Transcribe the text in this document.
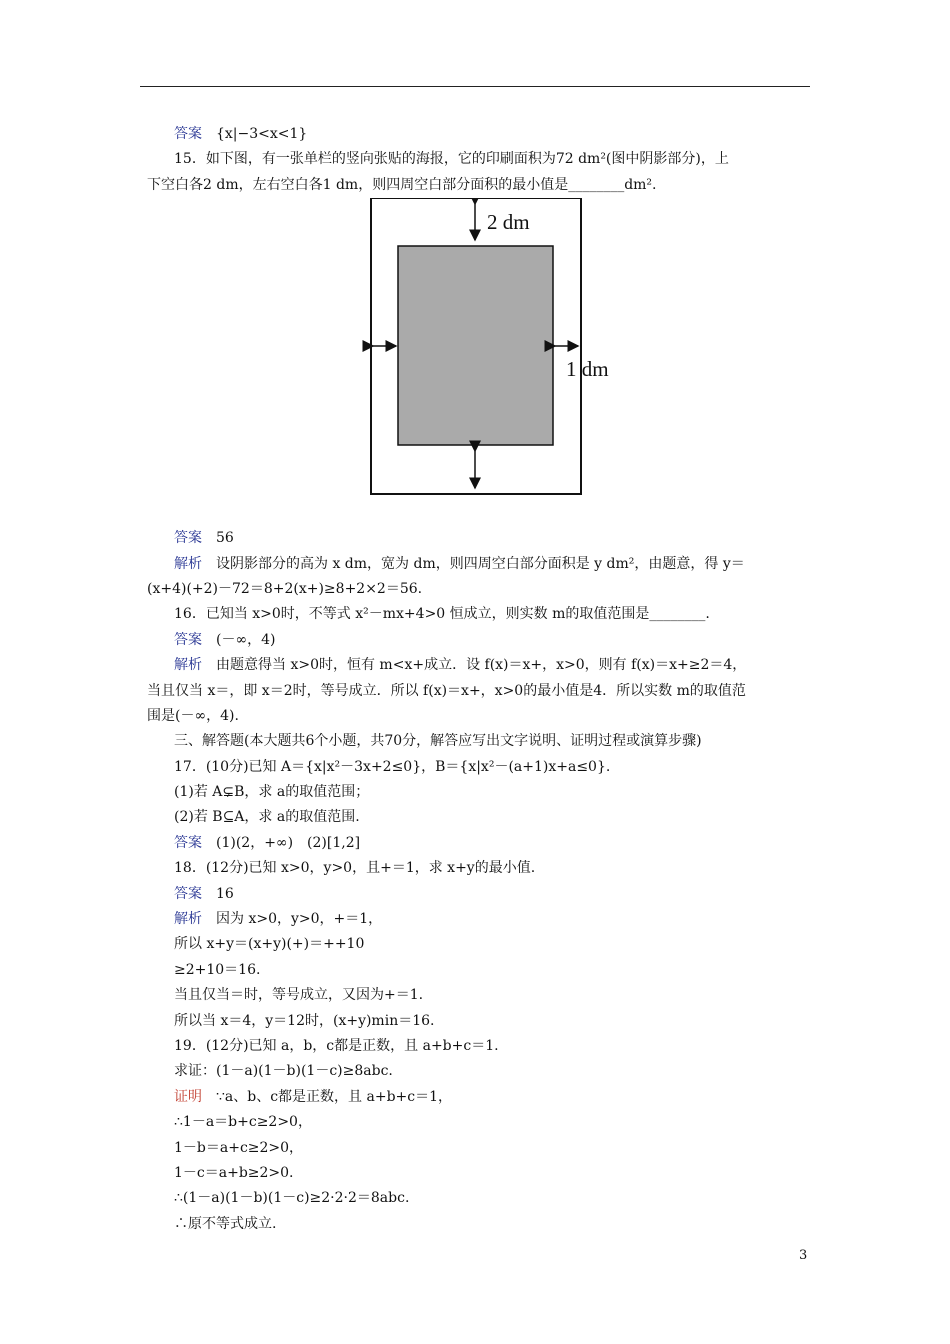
答案 {x|−3<x<1}
15．如下图，有一张单栏的竖向张贴的海报，它的印刷面积为72 dm²(图中阴影部分)，上
下空白各2 dm，左右空白各1 dm，则四周空白部分面积的最小值是________dm².
2 dm
1 dm
答案 56
解析 设阴影部分的高为 x dm，宽为 dm，则四周空白部分面积是 y dm²，由题意，得 y＝
(x+4)(+2)－72＝8+2(x+)≥8+2×2＝56.
16．已知当 x>0时，不等式 x²－mx+4>0 恒成立，则实数 m的取值范围是________.
答案 (－∞，4)
解析 由题意得当 x>0时，恒有 m<x+成立．设 f(x)＝x+，x>0，则有 f(x)＝x+≥2＝4，
当且仅当 x＝，即 x＝2时，等号成立．所以 f(x)＝x+，x>0的最小值是4．所以实数 m的取值范
围是(－∞，4).
三、解答题(本大题共6个小题，共70分，解答应写出文字说明、证明过程或演算步骤)
17．(10分)已知 A＝{x|x²－3x+2≤0}，B＝{x|x²－(a+1)x+a≤0}.
(1)若 A⊊B，求 a的取值范围；
(2)若 B⊆A，求 a的取值范围.
答案 (1)(2，+∞)　(2)[1,2]
18．(12分)已知 x>0，y>0，且+＝1，求 x+y的最小值.
答案 16
解析 因为 x>0，y>0，+＝1，
所以 x+y＝(x+y)(+)＝++10
≥2+10＝16.
当且仅当＝时，等号成立，又因为+＝1.
所以当 x＝4，y＝12时，(x+y)min＝16.
19．(12分)已知 a，b，c都是正数，且 a+b+c＝1.
求证：(1－a)(1－b)(1－c)≥8abc.
证明 ∵a、b、c都是正数，且 a+b+c＝1，
∴1－a＝b+c≥2>0，
1－b＝a+c≥2>0，
1－c＝a+b≥2>0.
∴(1－a)(1－b)(1－c)≥2·2·2＝8abc.
∴原不等式成立.
3
